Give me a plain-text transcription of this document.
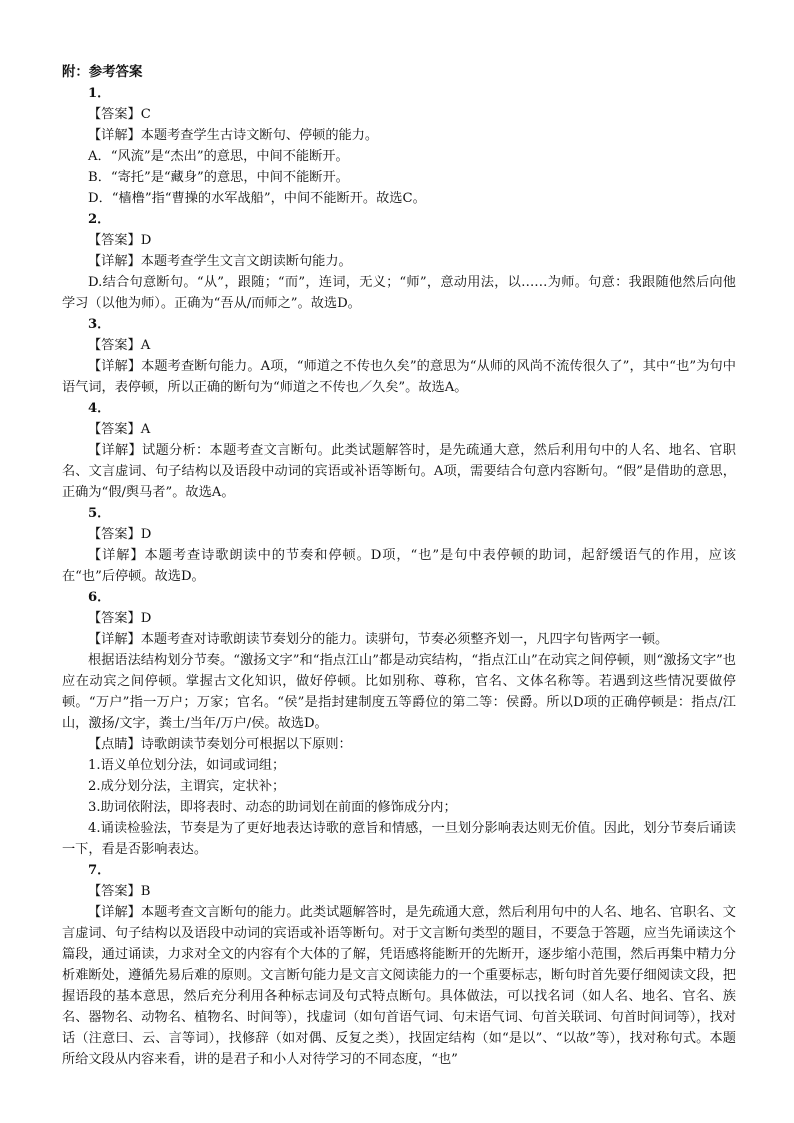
附：参考答案
1．
【答案】C
【详解】本题考查学生古诗文断句、停顿的能力。
A．“风流”是“杰出”的意思，中间不能断开。
B．“寄托”是“藏身”的意思，中间不能断开。
D．“樯橹”指“曹操的水军战船”，中间不能断开。故选C。
2．
【答案】D
【详解】本题考查学生文言文朗读断句能力。
D.结合句意断句。“从”，跟随；“而”，连词，无义；“师”，意动用法，以……为师。句意：我跟随他然后向他学习（以他为师）。正确为“吾从/而师之”。故选D。
3．
【答案】A
【详解】本题考查断句能力。A项，“师道之不传也久矣”的意思为“从师的风尚不流传很久了”，其中“也”为句中语气词，表停顿，所以正确的断句为“师道之不传也／久矣”。故选A。
4．
【答案】A
【详解】试题分析：本题考查文言断句。此类试题解答时，是先疏通大意，然后利用句中的人名、地名、官职名、文言虚词、句子结构以及语段中动词的宾语或补语等断句。A项，需要结合句意内容断句。“假”是借助的意思，正确为“假/舆马者”。故选A。
5．
【答案】D
【详解】本题考查诗歌朗读中的节奏和停顿。D项，“也”是句中表停顿的助词，起舒缓语气的作用，应该在“也”后停顿。故选D。
6．
【答案】D
【详解】本题考查对诗歌朗读节奏划分的能力。读骈句，节奏必须整齐划一，凡四字句皆两字一顿。
根据语法结构划分节奏。“激扬文字”和“指点江山”都是动宾结构，“指点江山”在动宾之间停顿，则“激扬文字”也应在动宾之间停顿。掌握古文化知识，做好停顿。比如别称、尊称，官名、文体名称等。若遇到这些情况要做停顿。“万户”指一万户；万家；官名。“侯”是指封建制度五等爵位的第二等：侯爵。所以D项的正确停顿是：指点/江山，激扬/文字，粪土/当年/万户/侯。故选D。
【点睛】诗歌朗读节奏划分可根据以下原则：
1.语义单位划分法，如词或词组；
2.成分划分法，主谓宾，定状补；
3.助词依附法，即将表时、动态的助词划在前面的修饰成分内；
4.诵读检验法，节奏是为了更好地表达诗歌的意旨和情感，一旦划分影响表达则无价值。因此，划分节奏后诵读一下，看是否影响表达。
7．
【答案】B
【详解】本题考查文言断句的能力。此类试题解答时，是先疏通大意，然后利用句中的人名、地名、官职名、文言虚词、句子结构以及语段中动词的宾语或补语等断句。对于文言断句类型的题目，不要急于答题，应当先诵读这个篇段，通过诵读，力求对全文的内容有个大体的了解，凭语感将能断开的先断开，逐步缩小范围，然后再集中精力分析难断处，遵循先易后难的原则。文言断句能力是文言文阅读能力的一个重要标志，断句时首先要仔细阅读文段，把握语段的基本意思，然后充分利用各种标志词及句式特点断句。具体做法，可以找名词（如人名、地名、官名、族名、器物名、动物名、植物名、时间等），找虚词（如句首语气词、句末语气词、句首关联词、句首时间词等），找对话（注意曰、云、言等词），找修辞（如对偶、反复之类），找固定结构（如“是以”、“以故”等），找对称句式。本题所给文段从内容来看，讲的是君子和小人对待学习的不同态度，“也”
